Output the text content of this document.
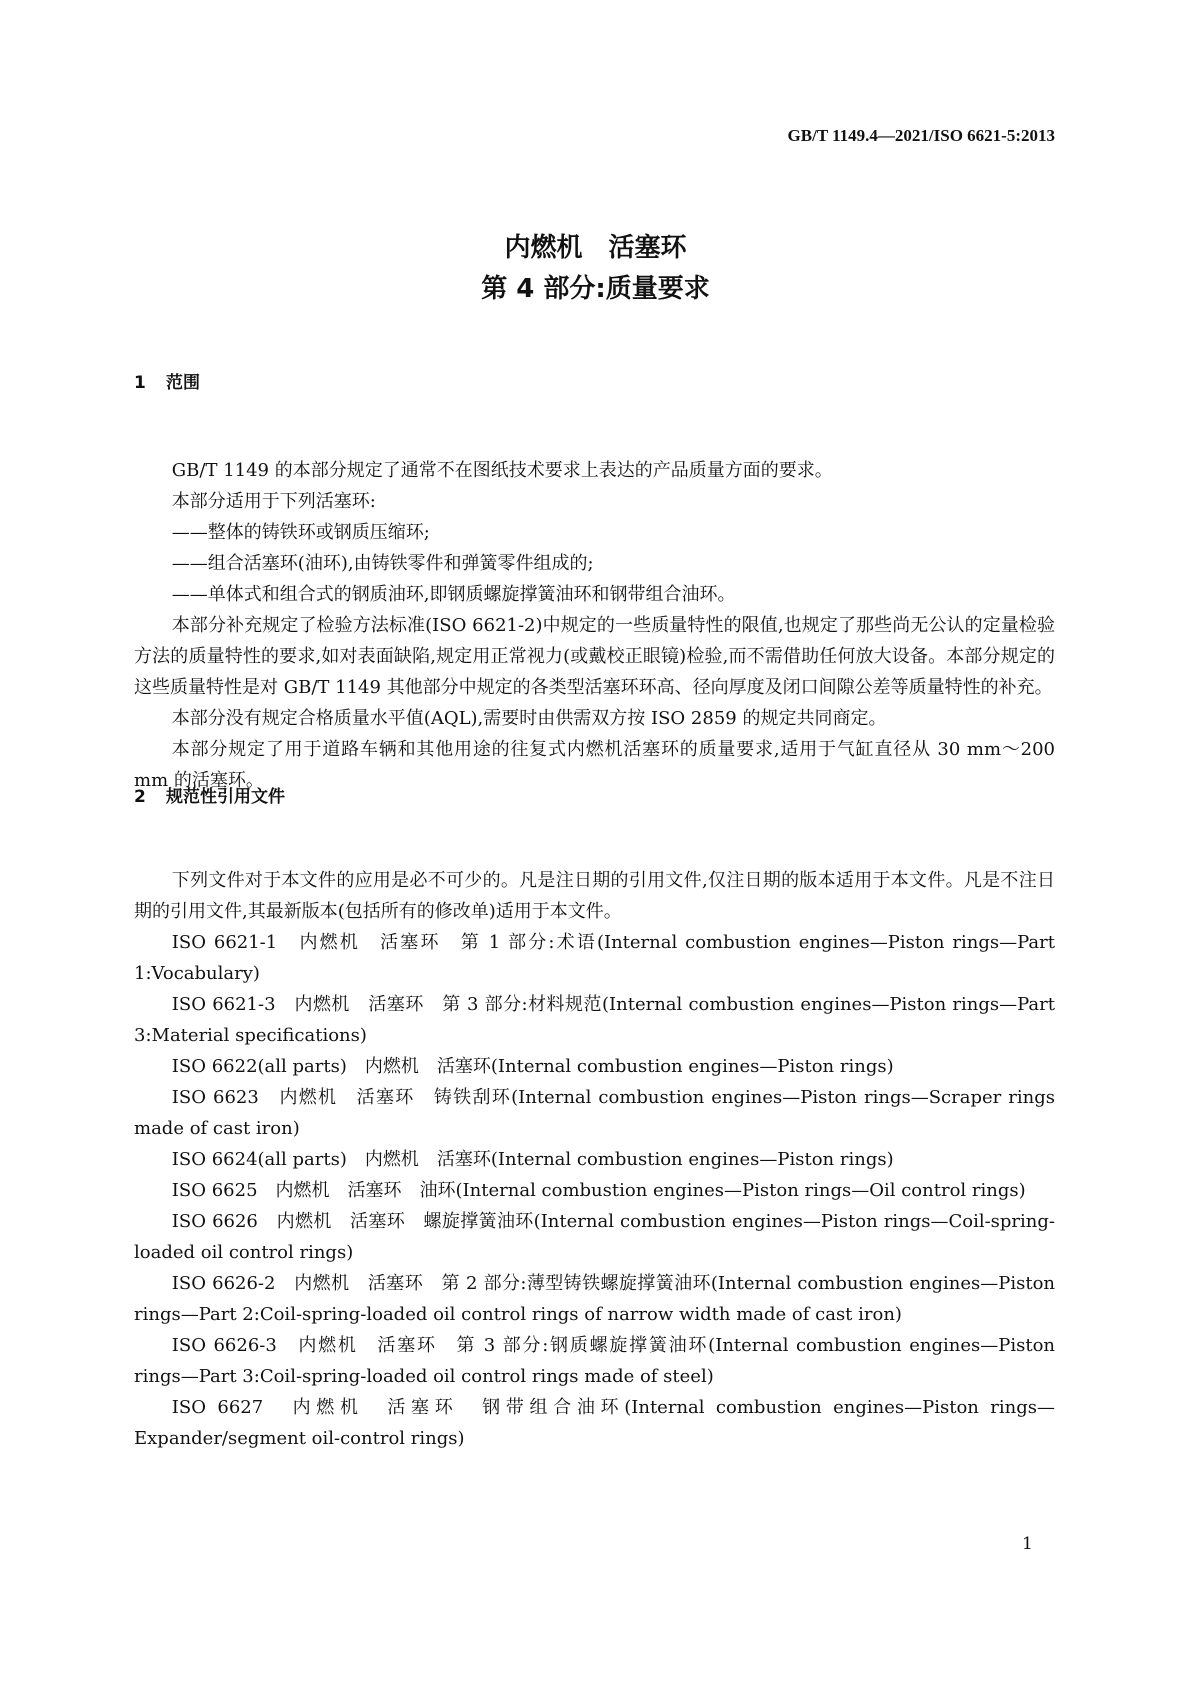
GB/T 1149.4—2021/ISO 6621-5:2013
内燃机　活塞环
第 4 部分:质量要求
1 范围

GB/T 1149 的本部分规定了通常不在图纸技术要求上表达的产品质量方面的要求。

本部分适用于下列活塞环:

——整体的铸铁环或钢质压缩环;

——组合活塞环(油环),由铸铁零件和弹簧零件组成的;

——单体式和组合式的钢质油环,即钢质螺旋撑簧油环和钢带组合油环。

本部分补充规定了检验方法标准(ISO 6621-2)中规定的一些质量特性的限值,也规定了那些尚无公认的定量检验方法的质量特性的要求,如对表面缺陷,规定用正常视力(或戴校正眼镜)检验,而不需借助任何放大设备。本部分规定的这些质量特性是对 GB/T 1149 其他部分中规定的各类型活塞环环高、径向厚度及闭口间隙公差等质量特性的补充。

本部分没有规定合格质量水平值(AQL),需要时由供需双方按 ISO 2859 的规定共同商定。

本部分规定了用于道路车辆和其他用途的往复式内燃机活塞环的质量要求,适用于气缸直径从 30 mm～200 mm 的活塞环。

2 规范性引用文件

下列文件对于本文件的应用是必不可少的。凡是注日期的引用文件,仅注日期的版本适用于本文件。凡是不注日期的引用文件,其最新版本(包括所有的修改单)适用于本文件。

ISO 6621-1　内燃机　活塞环　第 1 部分:术语(Internal combustion engines—Piston rings—Part 1:Vocabulary)

ISO 6621-3　内燃机　活塞环　第 3 部分:材料规范(Internal combustion engines—Piston rings—Part 3:Material specifications)

ISO 6622(all parts)　内燃机　活塞环(Internal combustion engines—Piston rings)

ISO 6623　内燃机　活塞环　铸铁刮环(Internal combustion engines—Piston rings—Scraper rings made of cast iron)

ISO 6624(all parts)　内燃机　活塞环(Internal combustion engines—Piston rings)

ISO 6625　内燃机　活塞环　油环(Internal combustion engines—Piston rings—Oil control rings)

ISO 6626　内燃机　活塞环　螺旋撑簧油环(Internal combustion engines—Piston rings—Coil-spring-loaded oil control rings)

ISO 6626-2　内燃机　活塞环　第 2 部分:薄型铸铁螺旋撑簧油环(Internal combustion engines—Piston rings—Part 2:Coil-spring-loaded oil control rings of narrow width made of cast iron)

ISO 6626-3　内燃机　活塞环　第 3 部分:钢质螺旋撑簧油环(Internal combustion engines—Piston rings—Part 3:Coil-spring-loaded oil control rings made of steel)

ISO 6627　内燃机　活塞环　钢带组合油环(Internal combustion engines—Piston rings—Expander/segment oil-control rings)

1
